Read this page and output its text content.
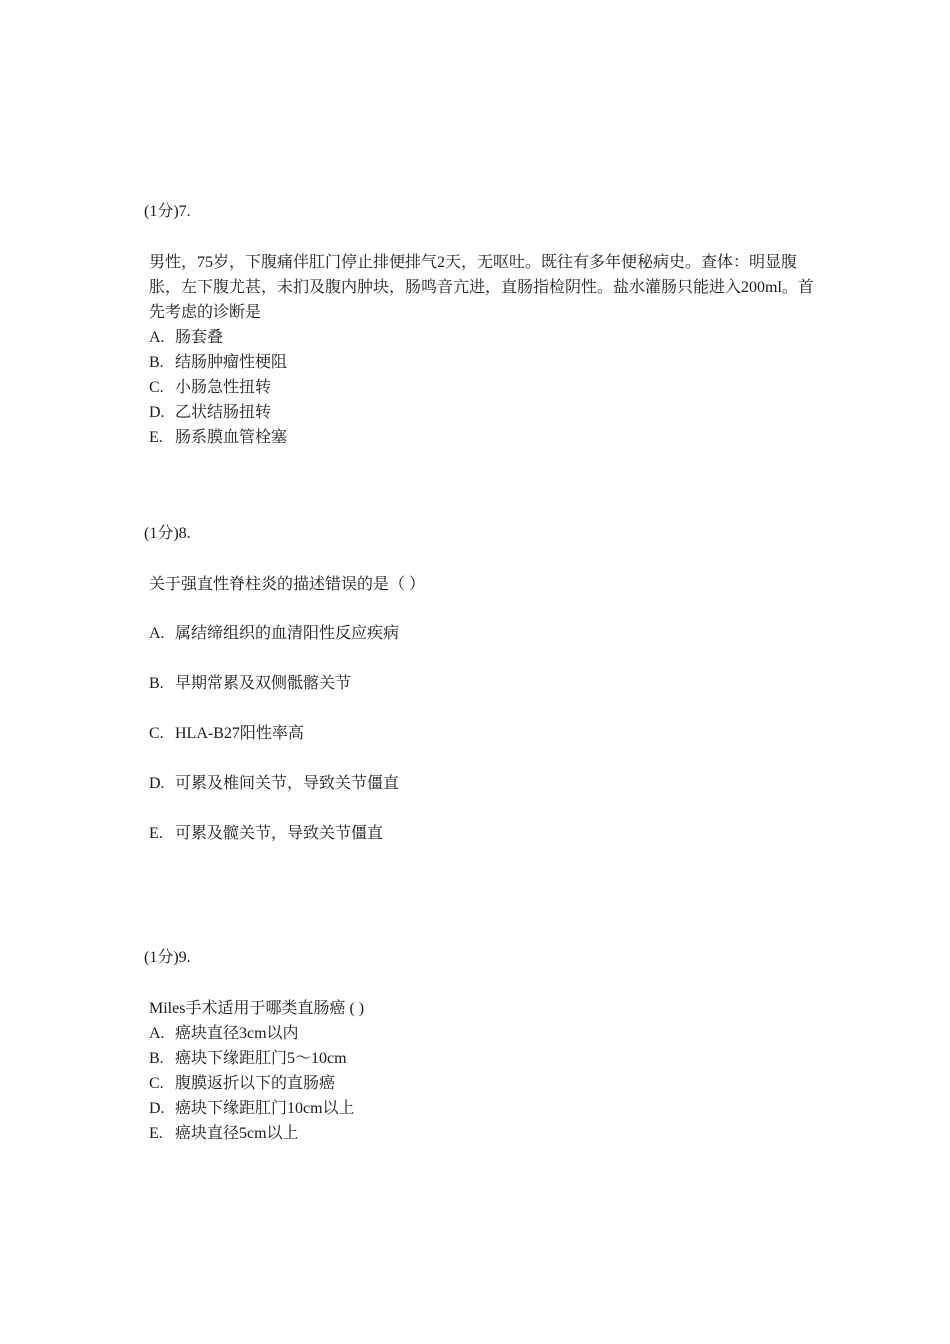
(1分)7.

男性，75岁，下腹痛伴肛门停止排便排气2天，无呕吐。既往有多年便秘病史。查体：明显腹胀，左下腹尤甚，未扪及腹内肿块，肠鸣音亢进，直肠指检阴性。盐水灌肠只能进入200ml。首先考虑的诊断是
A. 肠套叠
B. 结肠肿瘤性梗阻
C. 小肠急性扭转
D. 乙状结肠扭转
E. 肠系膜血管栓塞

(1分)8.

关于强直性脊柱炎的描述错误的是（ ）
A. 属结缔组织的血清阳性反应疾病
B. 早期常累及双侧骶髂关节
C. HLA-B27阳性率高
D. 可累及椎间关节，导致关节僵直
E. 可累及髋关节，导致关节僵直

(1分)9.

Miles手术适用于哪类直肠癌 ( )
A. 癌块直径3cm以内
B. 癌块下缘距肛门5～10cm
C. 腹膜返折以下的直肠癌
D. 癌块下缘距肛门10cm以上
E. 癌块直径5cm以上
